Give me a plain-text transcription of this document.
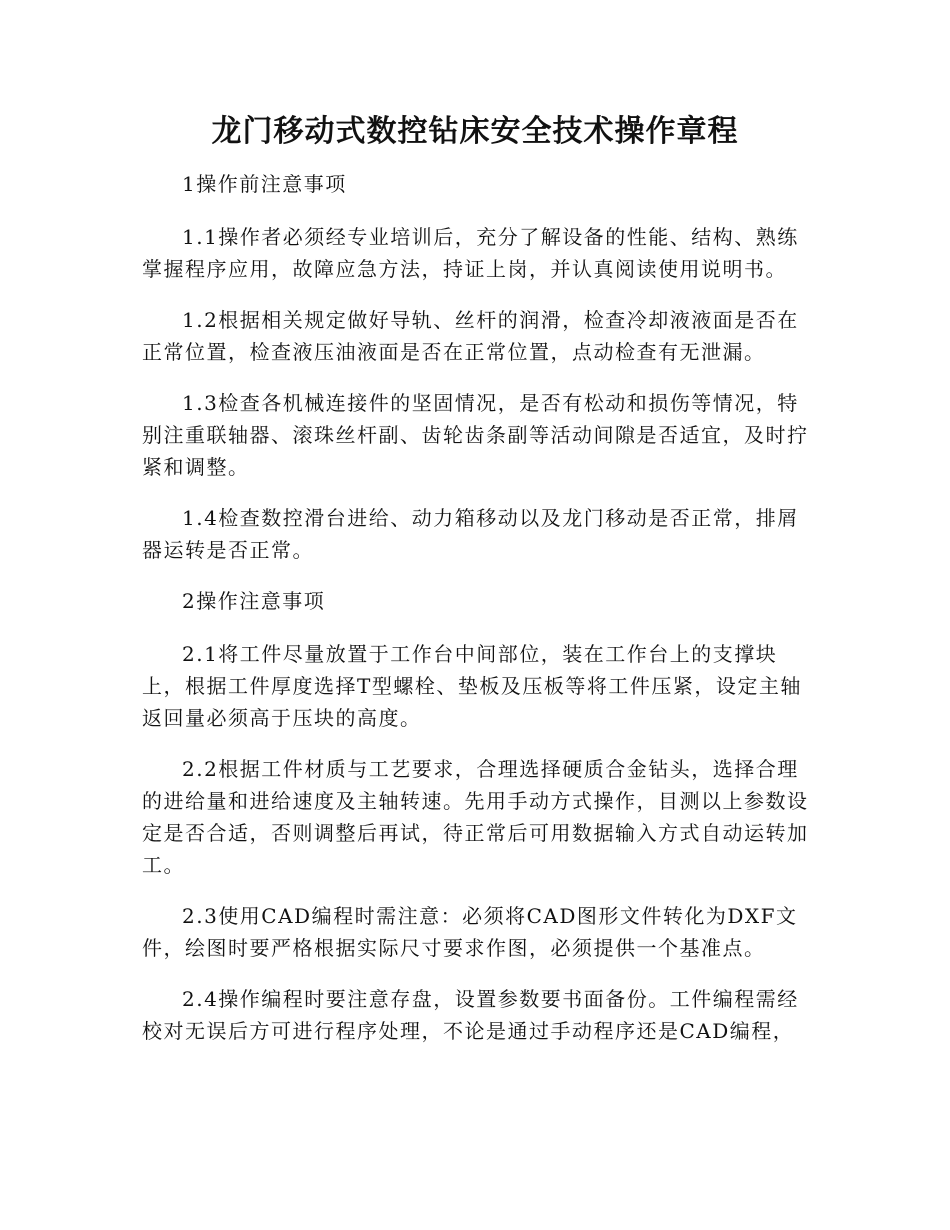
龙门移动式数控钻床安全技术操作章程

1操作前注意事项

1.1操作者必须经专业培训后，充分了解设备的性能、结构、熟练掌握程序应用，故障应急方法，持证上岗，并认真阅读使用说明书。

1.2根据相关规定做好导轨、丝杆的润滑，检查冷却液液面是否在正常位置，检查液压油液面是否在正常位置，点动检查有无泄漏。

1.3检查各机械连接件的坚固情况，是否有松动和损伤等情况，特别注重联轴器、滚珠丝杆副、齿轮齿条副等活动间隙是否适宜，及时拧紧和调整。

1.4检查数控滑台进给、动力箱移动以及龙门移动是否正常，排屑器运转是否正常。

2操作注意事项

2.1将工件尽量放置于工作台中间部位，装在工作台上的支撑块上，根据工件厚度选择T型螺栓、垫板及压板等将工件压紧，设定主轴返回量必须高于压块的高度。

2.2根据工件材质与工艺要求，合理选择硬质合金钻头，选择合理的进给量和进给速度及主轴转速。先用手动方式操作，目测以上参数设定是否合适，否则调整后再试，待正常后可用数据输入方式自动运转加工。

2.3使用CAD编程时需注意：必须将CAD图形文件转化为DXF文件，绘图时要严格根据实际尺寸要求作图，必须提供一个基准点。

2.4操作编程时要注意存盘，设置参数要书面备份。工件编程需经校对无误后方可进行程序处理，不论是通过手动程序还是CAD编程，
